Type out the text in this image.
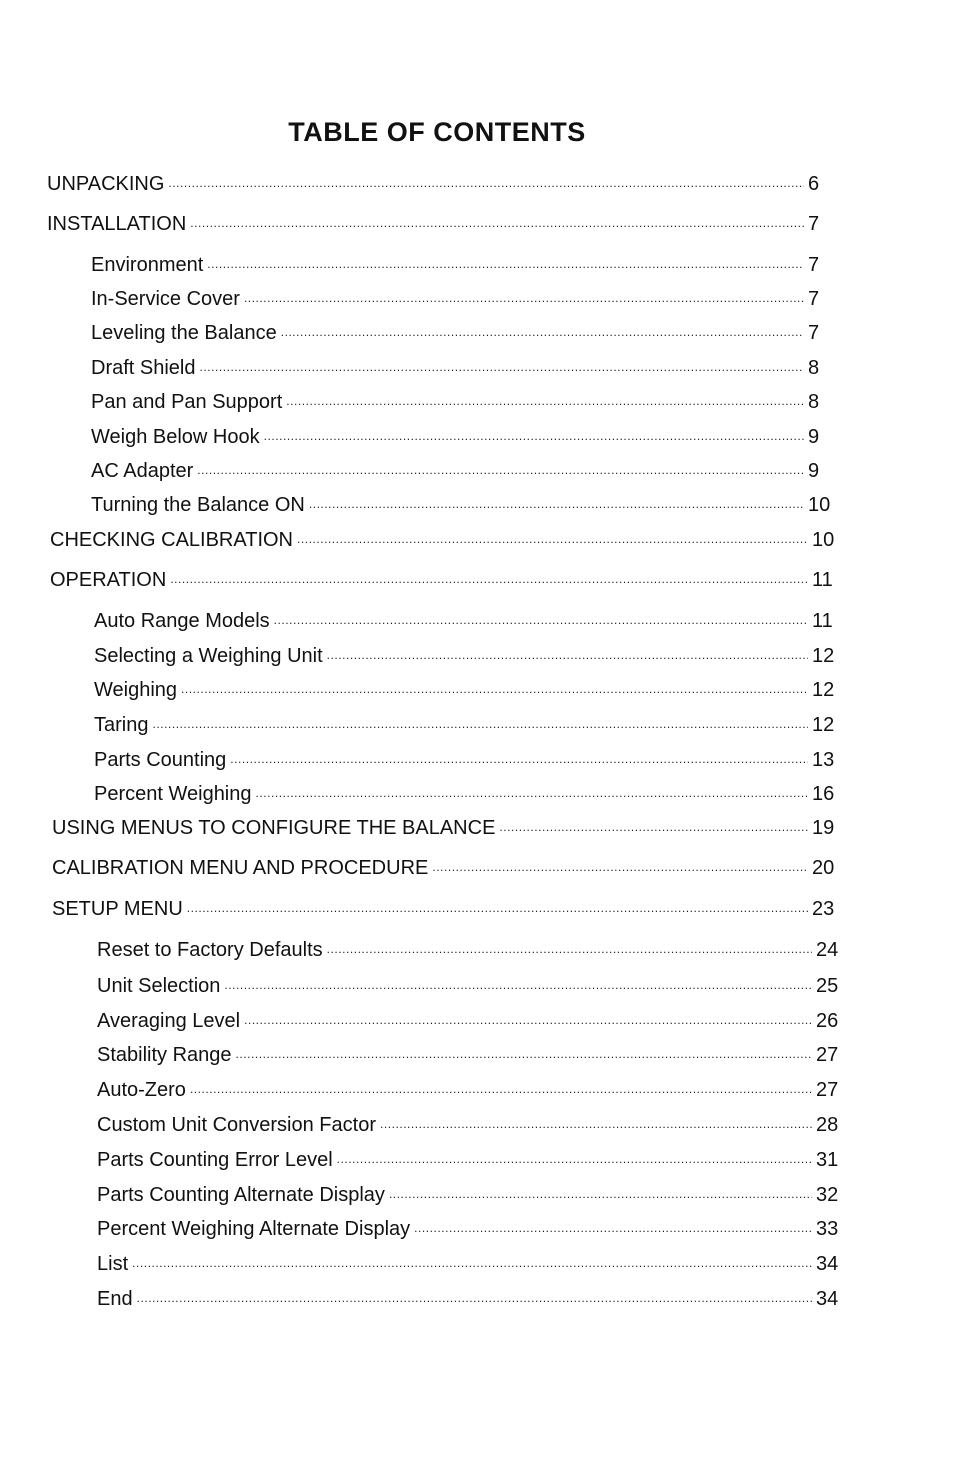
TABLE OF CONTENTS
UNPACKING . . .	6
INSTALLATION . . .	7
Environment . . .	7
In-Service Cover . . .	7
Leveling the Balance . . .	7
Draft Shield . . .	8
Pan and Pan Support . . .	8
Weigh Below Hook . . .	9
AC Adapter . . .	9
Turning the Balance ON . . .	10
CHECKING CALIBRATION . . .	10
OPERATION . . .	11
Auto Range Models . . .	11
Selecting a Weighing Unit . . .	12
Weighing . . .	12
Taring . . .	12
Parts Counting . . .	13
Percent Weighing . . .	16
USING MENUS TO CONFIGURE THE BALANCE . . .	19
CALIBRATION MENU AND PROCEDURE . . .	20
SETUP MENU . . .	23
Reset to Factory Defaults . . .	24
Unit Selection . . .	25
Averaging Level . . .	26
Stability Range . . .	27
Auto-Zero . . .	27
Custom Unit Conversion Factor . . .	28
Parts Counting Error Level . . .	31
Parts Counting Alternate Display . . .	32
Percent Weighing Alternate Display . . .	33
List . . .	34
End . . .	34
